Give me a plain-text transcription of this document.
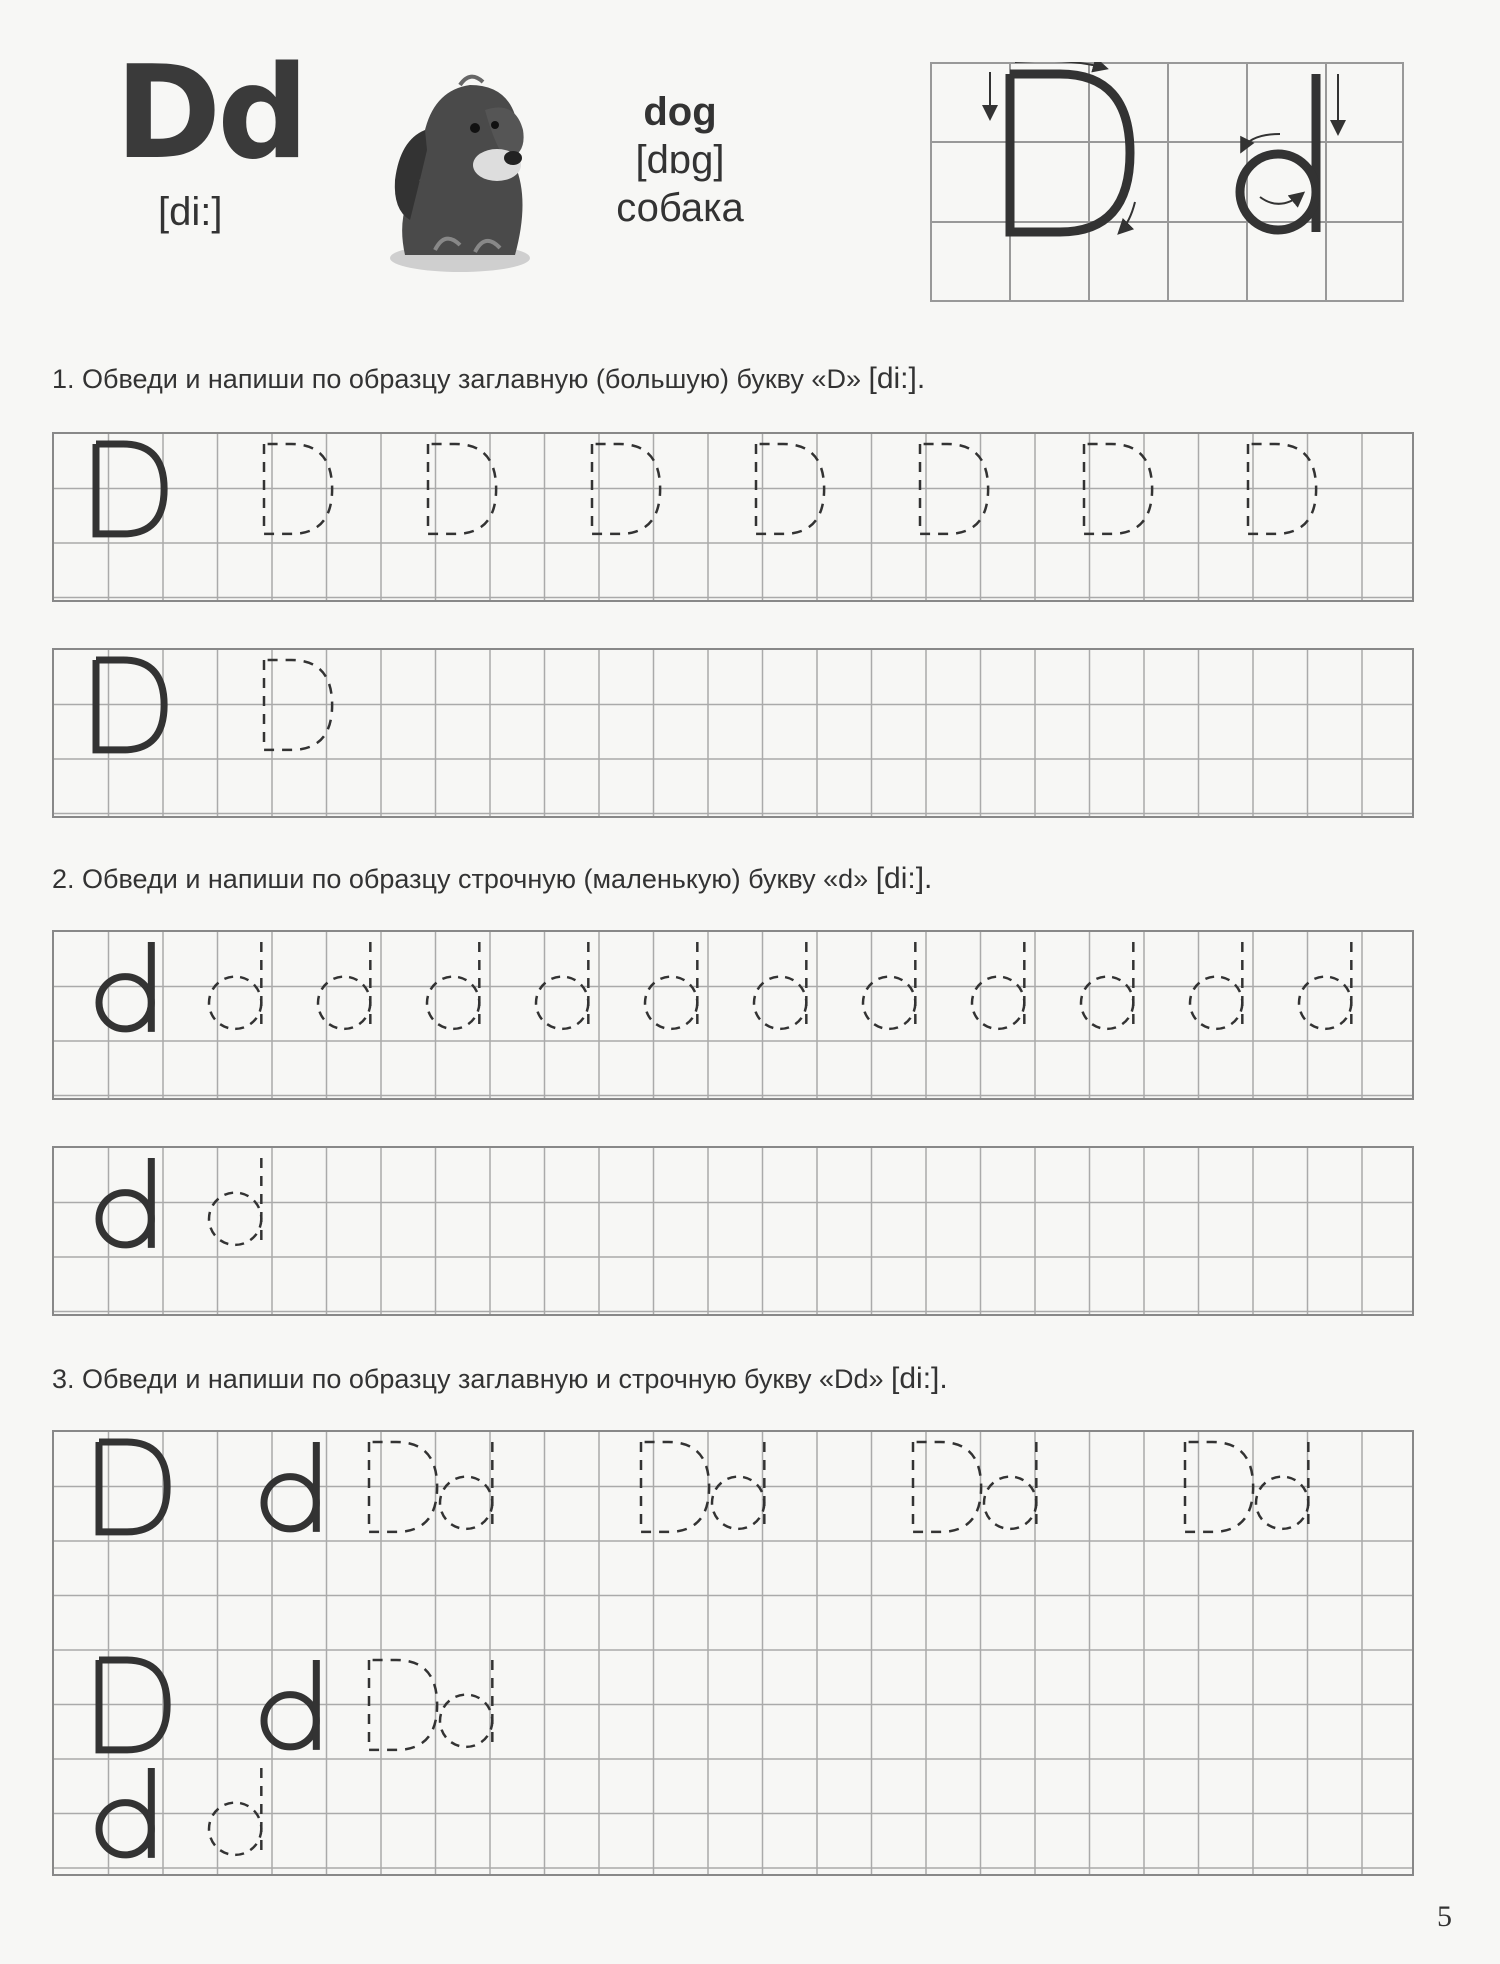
Dd
[di:]
dog
[dɒg]
собака
1. Обведи и напиши по образцу заглавную (большую) букву «D» [di:].
2. Обведи и напиши по образцу строчную (маленькую) букву «d» [di:].
3. Обведи и напиши по образцу заглавную и строчную букву «Dd» [di:].
5
